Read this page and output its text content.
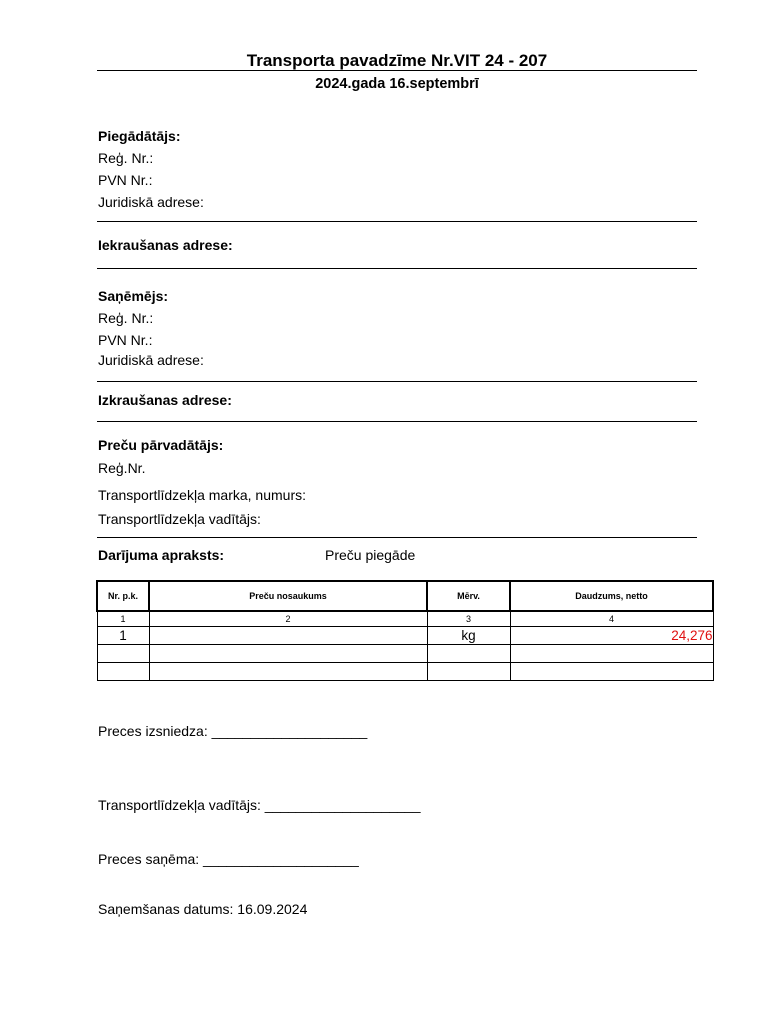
Transporta pavadzīme Nr.VIT 24 - 207
2024.gada 16.septembrī
Piegādātājs:
Reģ. Nr.:
PVN Nr.:
Juridiskā adrese:
Iekraušanas adrese:
Saņēmējs:
Reģ. Nr.:
PVN Nr.:
Juridiskā adrese:
Izkraušanas adrese:
Preču pārvadātājs:
Reģ.Nr.
Transportlīdzekļa marka, numurs:
Transportlīdzekļa vadītājs:
Darījuma apraksts:	Preču piegāde
Nr. p.k.	Preču nosaukums	Mērv.	Daudzums, netto
1	2	3	4
1		kg	24,276

Preces izsniedza: ____________________
Transportlīdzekļa vadītājs: ____________________
Preces saņēma: ____________________
Saņemšanas datums: 16.09.2024
